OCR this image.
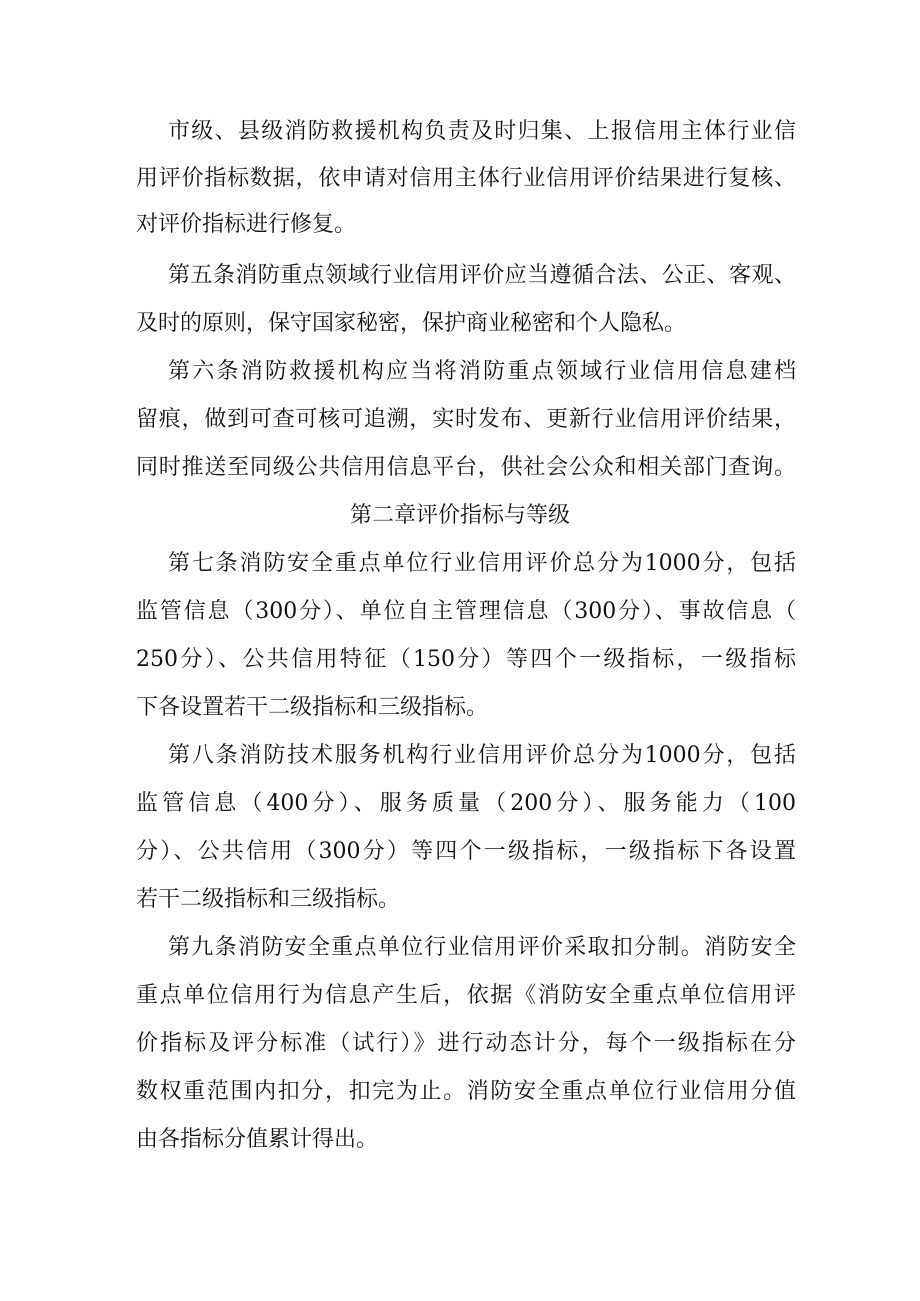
市级、县级消防救援机构负责及时归集、上报信用主体行业信
用评价指标数据，依申请对信用主体行业信用评价结果进行复核、
对评价指标进行修复。
第五条消防重点领域行业信用评价应当遵循合法、公正、客观、
及时的原则，保守国家秘密，保护商业秘密和个人隐私。
第六条消防救援机构应当将消防重点领域行业信用信息建档
留痕，做到可查可核可追溯，实时发布、更新行业信用评价结果，
同时推送至同级公共信用信息平台，供社会公众和相关部门查询。
第二章评价指标与等级
第七条消防安全重点单位行业信用评价总分为1000分，包括
监管信息（300分）、单位自主管理信息（300分）、事故信息（
250分）、公共信用特征（150分）等四个一级指标，一级指标
下各设置若干二级指标和三级指标。
第八条消防技术服务机构行业信用评价总分为1000分，包括
监管信息（400分）、服务质量（200分）、服务能力（100
分）、公共信用（300分）等四个一级指标，一级指标下各设置
若干二级指标和三级指标。
第九条消防安全重点单位行业信用评价采取扣分制。消防安全
重点单位信用行为信息产生后，依据《消防安全重点单位信用评
价指标及评分标准（试行）》进行动态计分，每个一级指标在分
数权重范围内扣分，扣完为止。消防安全重点单位行业信用分值
由各指标分值累计得出。
